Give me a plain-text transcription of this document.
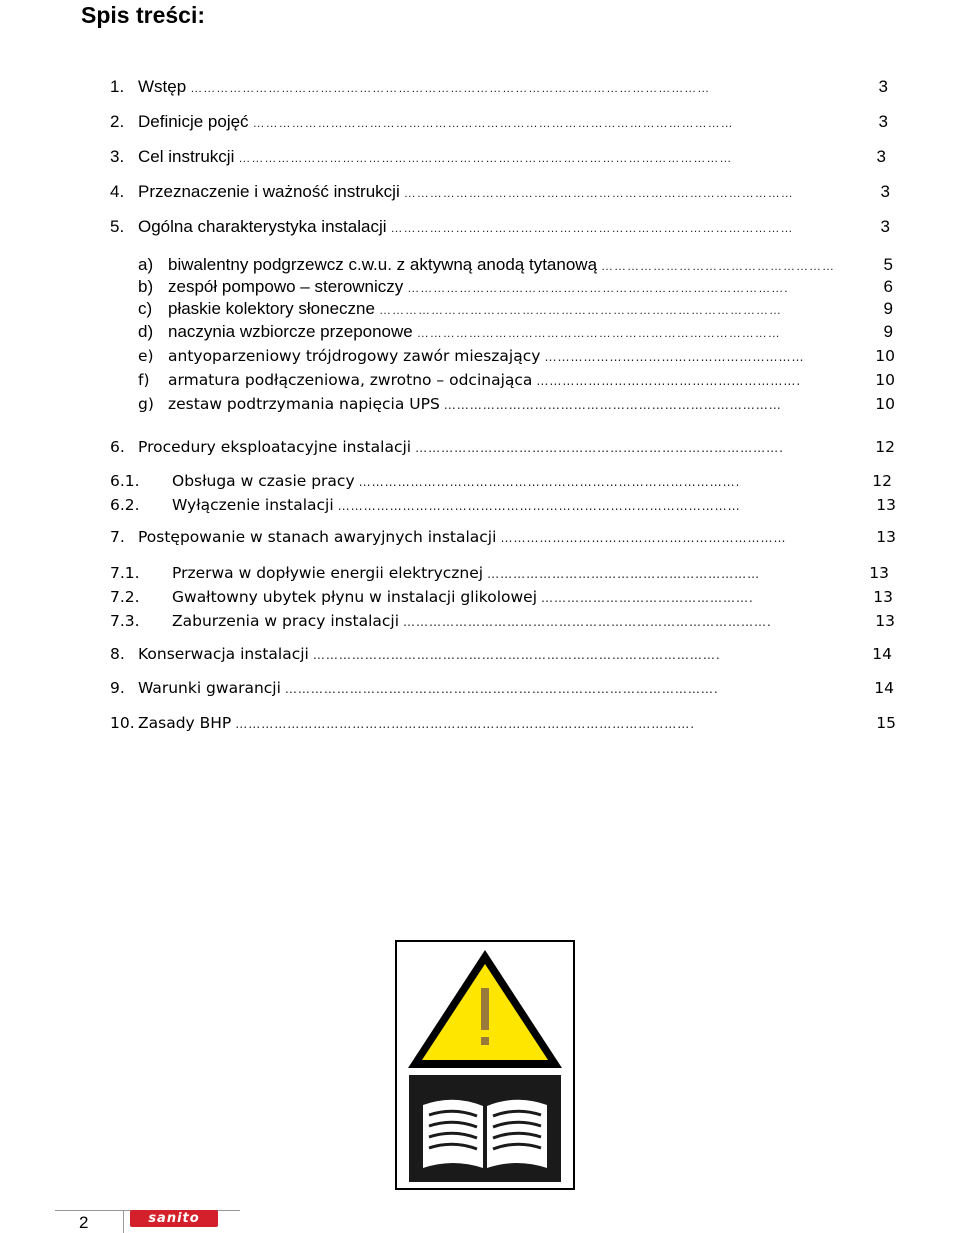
Spis treści:
1. Wstęp …………………………………………………………………………………………………………	3
2. Definicje pojęć …………………………………………………………………………………………………	3
3. Cel instrukcji ……………………………………………………………………………………………………	3
4. Przeznaczenie i ważność instrukcji ………………………………………………………………………………	3
5. Ogólna charakterystyka instalacji …………………………………………………………………………………	3
a) biwalentny podgrzewcz c.w.u. z aktywną anodą tytanową ………………………………………………	5
b) zespół pompowo – sterowniczy …………………………………………………………………………….	6
c) płaskie kolektory słoneczne …………………………………………………………………………………	9
d) naczynia wzbiorcze przeponowe …………………………………………………………………………	9
e) antyoparzeniowy trójdrogowy zawór mieszający ……………………………………………………	10
f)	armatura podłączeniowa, zwrotno – odcinająca …………………………………………………….	10
g) zestaw podtrzymania napięcia UPS ……………………………………………………………………	10
6. Procedury eksploatacyjne instalacji ………………………………………………………………………….	12
6.1.	Obsługa w czasie pracy …………………………………………………………………………….	12
6.2.	Wyłączenie instalacji …………………………………………………………………………………	13
7. Postępowanie w stanach awaryjnych instalacji …………………………………………………………	13
7.1.	Przerwa w dopływie energii elektrycznej ………………………………………………………	13
7.2.	Gwałtowny ubytek płynu w instalacji glikolowej ………………………………………….	13
7.3.	Zaburzenia w pracy instalacji ………………………………………………………………………….	13
8. Konserwacja instalacji ………………………………………………………………………………….	14
9. Warunki gwarancji ……………………………………………………………………………………….	14
10. Zasady BHP …………………………………………………………………………………………….	15
2	sanito
